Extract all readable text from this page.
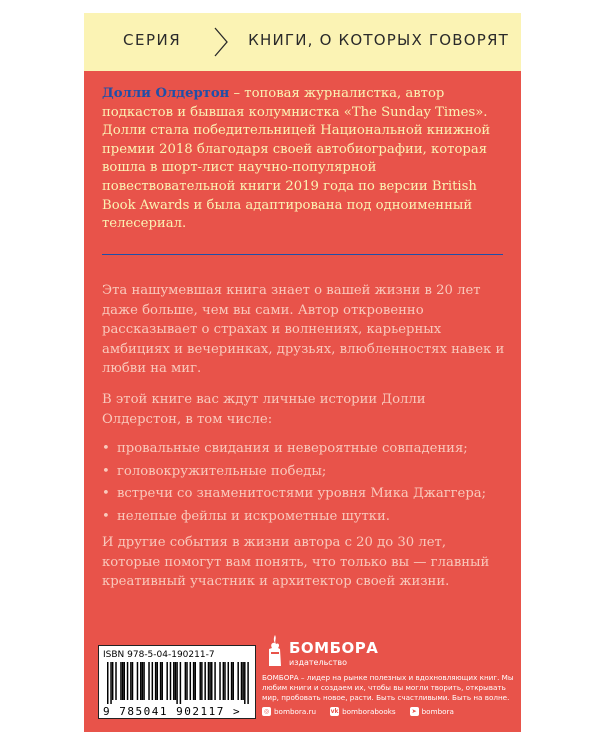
СЕРИЯ	КНИГИ, О КОТОРЫХ ГОВОРЯТ

Долли Олдертон – топовая журналистка, автор подкастов и бывшая колумнистка «The Sunday Times». Долли стала победительницей Национальной книжной премии 2018 благодаря своей автобиографии, которая вошла в шорт-лист научно-популярной повествовательной книги 2019 года по версии British Book Awards и была адаптирована под одноименный телесериал.

Эта нашумевшая книга знает о вашей жизни в 20 лет даже больше, чем вы сами. Автор откровенно рассказывает о страхах и волнениях, карьерных амбициях и вечеринках, друзьях, влюбленностях навек и любви на миг.

В этой книге вас ждут личные истории Долли Олдерстон, в том числе:

• провальные свидания и невероятные совпадения;
• головокружительные победы;
• встречи со знаменитостями уровня Мика Джаггера;
• нелепые фейлы и искрометные шутки.

И другие события в жизни автора с 20 до 30 лет, которые помогут вам понять, что только вы — главный креативный участник и архитектор своей жизни.

ISBN 978-5-04-190211-7
9 785041 902117 >
БОМБОРА
издательство

БОМБОРА – лидер на рынке полезных и вдохновляющих книг. Мы любим книги и создаем их, чтобы вы могли творить, открывать мир, пробовать новое, расти. Быть счастливыми. Быть на волне.

◎ bombora.ru vk bomborabooks	➤ bombora
